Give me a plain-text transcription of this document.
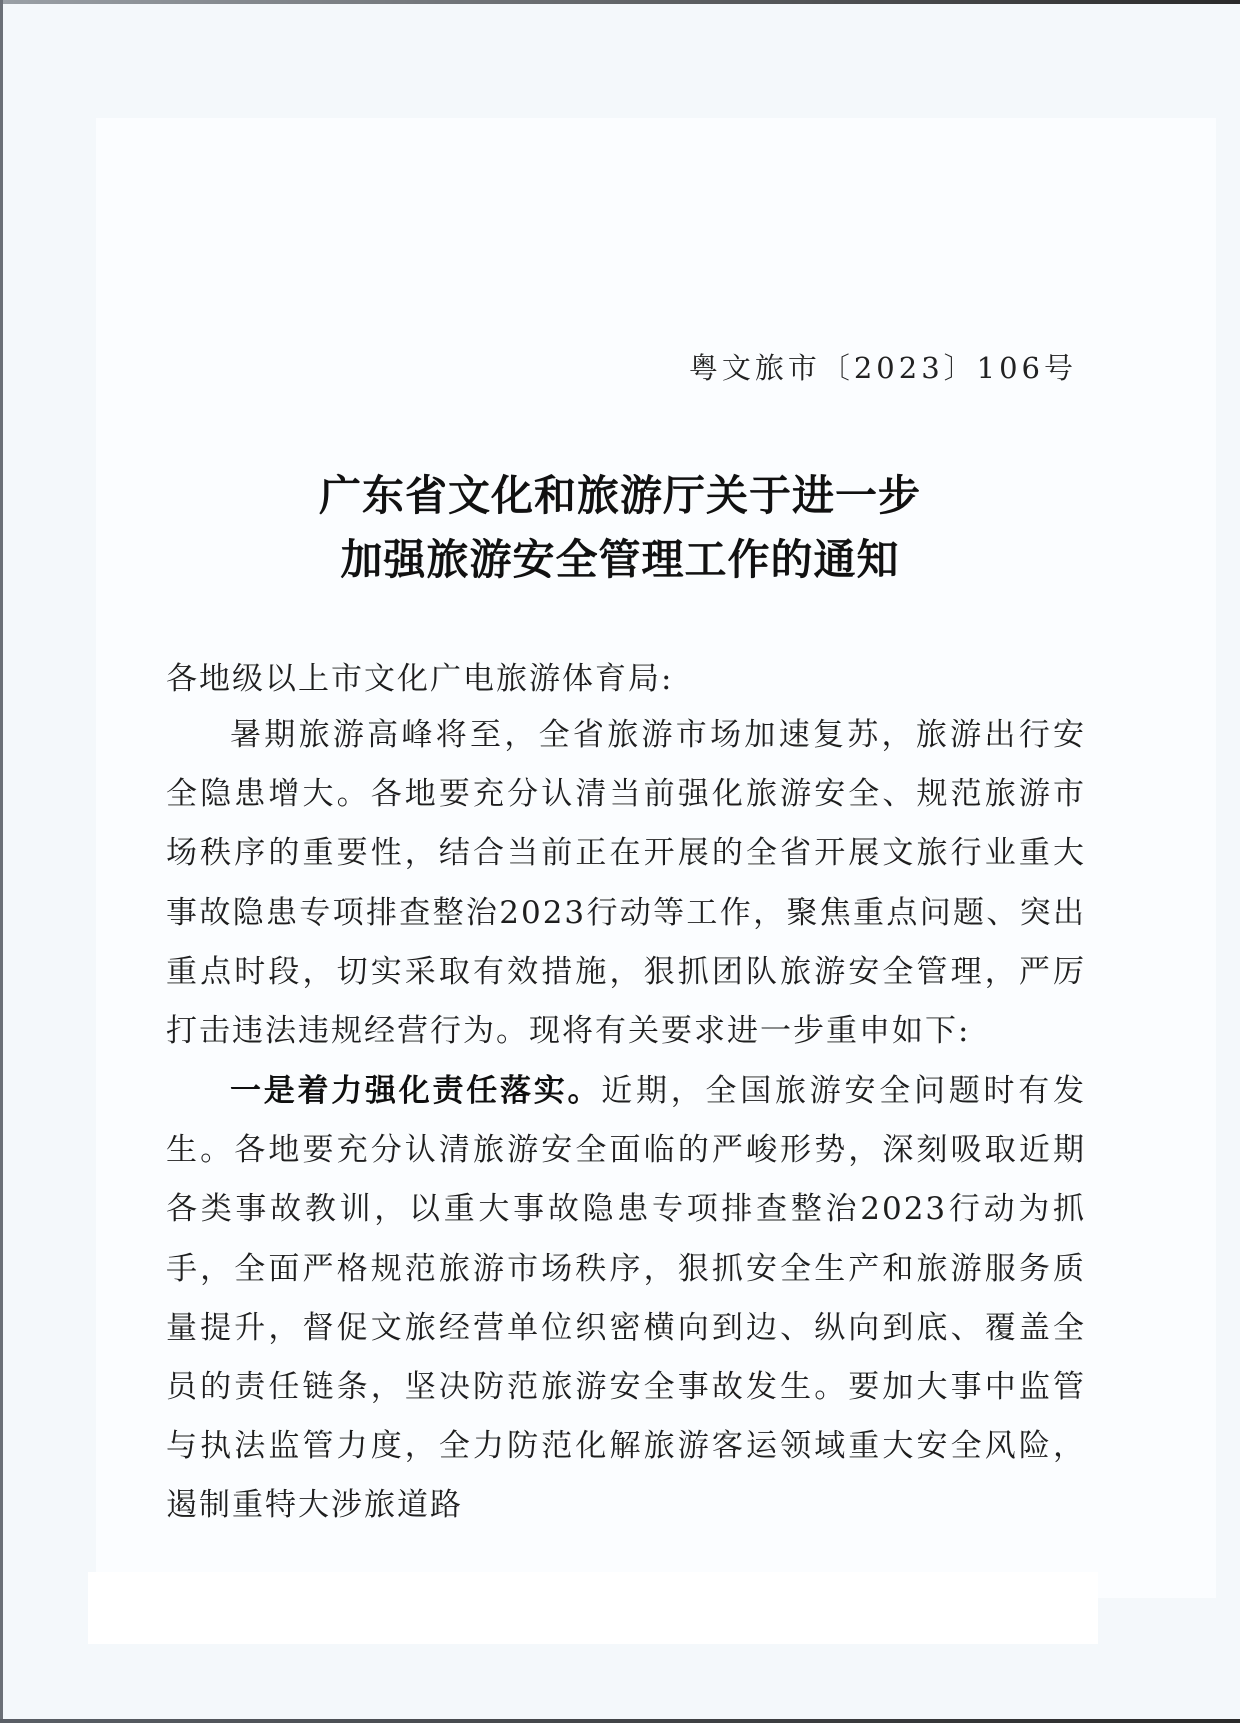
粤文旅市〔2023〕106号
广东省文化和旅游厅关于进一步
加强旅游安全管理工作的通知
各地级以上市文化广电旅游体育局:
暑期旅游高峰将至，全省旅游市场加速复苏，旅游出行安全隐患增大。各地要充分认清当前强化旅游安全、规范旅游市场秩序的重要性，结合当前正在开展的全省开展文旅行业重大事故隐患专项排查整治2023行动等工作，聚焦重点问题、突出重点时段，切实采取有效措施，狠抓团队旅游安全管理，严厉打击违法违规经营行为。现将有关要求进一步重申如下:
一是着力强化责任落实。近期，全国旅游安全问题时有发生。各地要充分认清旅游安全面临的严峻形势，深刻吸取近期各类事故教训，以重大事故隐患专项排查整治2023行动为抓手，全面严格规范旅游市场秩序，狠抓安全生产和旅游服务质量提升，督促文旅经营单位织密横向到边、纵向到底、覆盖全员的责任链条，坚决防范旅游安全事故发生。要加大事中监管与执法监管力度，全力防范化解旅游客运领域重大安全风险，遏制重特大涉旅道路
